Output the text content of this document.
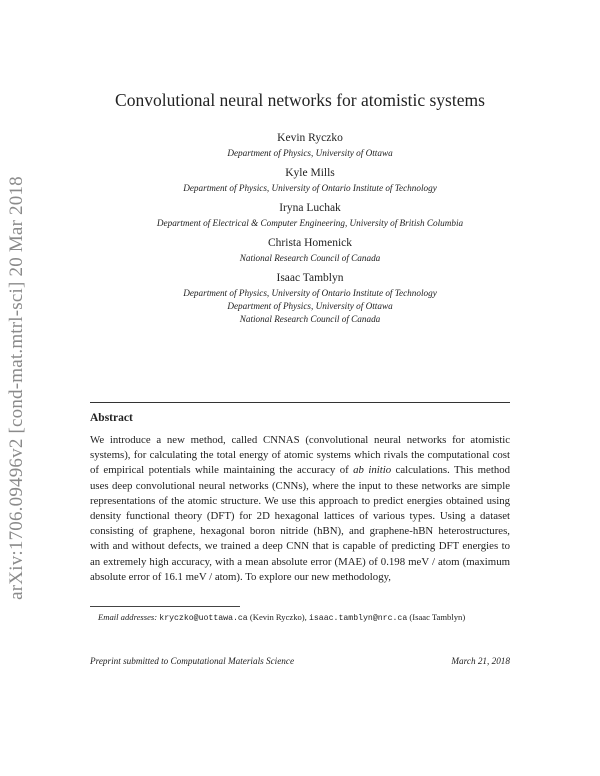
arXiv:1706.09496v2 [cond-mat.mtrl-sci] 20 Mar 2018
Convolutional neural networks for atomistic systems
Kevin Ryczko
Department of Physics, University of Ottawa
Kyle Mills
Department of Physics, University of Ontario Institute of Technology
Iryna Luchak
Department of Electrical & Computer Engineering, University of British Columbia
Christa Homenick
National Research Council of Canada
Isaac Tamblyn
Department of Physics, University of Ontario Institute of Technology
Department of Physics, University of Ottawa
National Research Council of Canada
Abstract
We introduce a new method, called CNNAS (convolutional neural networks for atomistic systems), for calculating the total energy of atomic systems which rivals the computational cost of empirical potentials while maintaining the accuracy of ab initio calculations. This method uses deep convolutional neural networks (CNNs), where the input to these networks are simple representations of the atomic structure. We use this approach to predict energies obtained using density functional theory (DFT) for 2D hexagonal lattices of various types. Using a dataset consisting of graphene, hexagonal boron nitride (hBN), and graphene-hBN heterostructures, with and without defects, we trained a deep CNN that is capable of predicting DFT energies to an extremely high accuracy, with a mean absolute error (MAE) of 0.198 meV / atom (maximum absolute error of 16.1 meV / atom). To explore our new methodology,
Email addresses: kryczko@uottawa.ca (Kevin Ryczko), isaac.tamblyn@nrc.ca (Isaac Tamblyn)
Preprint submitted to Computational Materials Science	March 21, 2018
